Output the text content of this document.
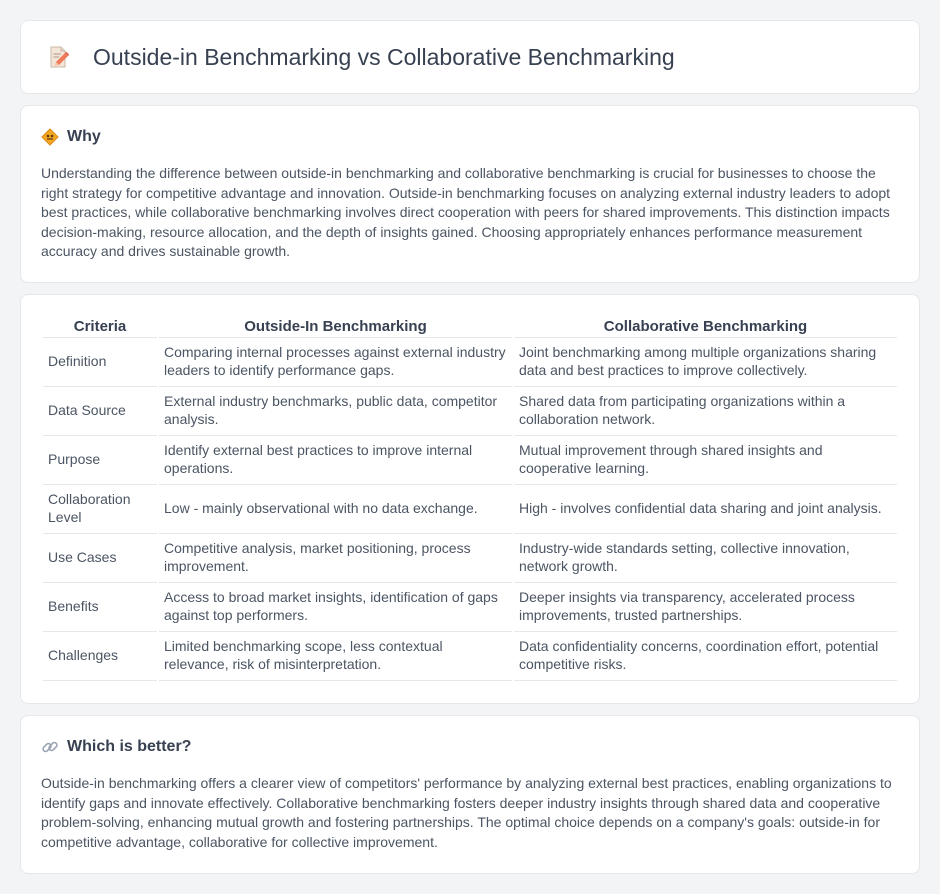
Outside-in Benchmarking vs Collaborative Benchmarking
Why

Understanding the difference between outside-in benchmarking and collaborative benchmarking is crucial for businesses to choose the right strategy for competitive advantage and innovation. Outside-in benchmarking focuses on analyzing external industry leaders to adopt best practices, while collaborative benchmarking involves direct cooperation with peers for shared improvements. This distinction impacts decision-making, resource allocation, and the depth of insights gained. Choosing appropriately enhances performance measurement accuracy and drives sustainable growth.

Criteria	Outside-In Benchmarking	Collaborative Benchmarking
Definition	Comparing internal processes against external industry leaders to identify performance gaps.	Joint benchmarking among multiple organizations sharing data and best practices to improve collectively.
Data Source	External industry benchmarks, public data, competitor analysis.	Shared data from participating organizations within a collaboration network.
Purpose	Identify external best practices to improve internal operations.	Mutual improvement through shared insights and cooperative learning.
Collaboration Level	Low - mainly observational with no data exchange.	High - involves confidential data sharing and joint analysis.
Use Cases	Competitive analysis, market positioning, process improvement.	Industry-wide standards setting, collective innovation, network growth.
Benefits	Access to broad market insights, identification of gaps against top performers.	Deeper insights via transparency, accelerated process improvements, trusted partnerships.
Challenges	Limited benchmarking scope, less contextual relevance, risk of misinterpretation.	Data confidentiality concerns, coordination effort, potential competitive risks.
Which is better?

Outside-in benchmarking offers a clearer view of competitors' performance by analyzing external best practices, enabling organizations to identify gaps and innovate effectively. Collaborative benchmarking fosters deeper industry insights through shared data and cooperative problem-solving, enhancing mutual growth and fostering partnerships. The optimal choice depends on a company's goals: outside-in for competitive advantage, collaborative for collective improvement.
